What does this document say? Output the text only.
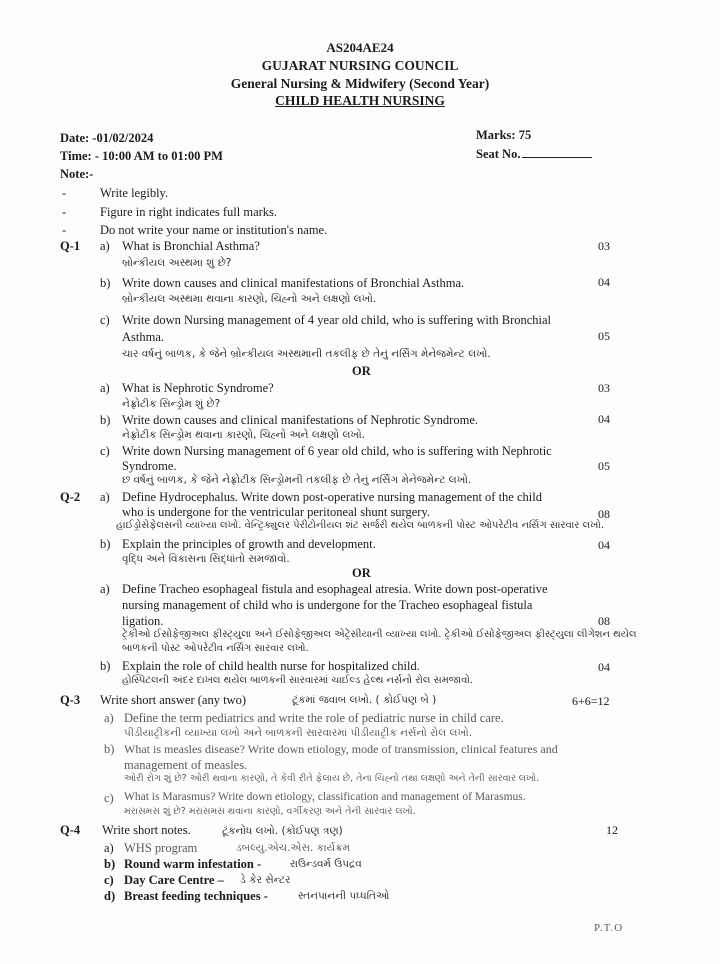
AS204AE24
GUJARAT NURSING COUNCIL
General Nursing & Midwifery (Second Year)
CHILD HEALTH NURSING
Date: -01/02/2024
Time: - 10:00 AM to 01:00 PM
Note:-
Marks: 75
Seat No.
-	Write legibly.
-	Figure in right indicates full marks.
-	Do not write your name or institution's name.
Q-1 a) What is Bronchial Asthma?	03
બ્રોન્કીયલ અસ્થમા શું છે?
b) Write down causes and clinical manifestations of Bronchial Asthma.	04
બ્રોન્કીયલ અસ્થમા થવાના કારણો, ચિહ્નો અને લક્ષણો લખો.
c) Write down Nursing management of 4 year old child, who is suffering with Bronchial
Asthma.	05
ચાર વર્ષનું બાળક, કે જેને બ્રોન્કીયલ અસ્થમાની તકલીફ છે તેનું નર્સિંગ મેનેજમેન્ટ લખો.
OR
a) What is Nephrotic Syndrome?	03
નેફ્રોટીક સિન્ડ્રોમ શું છે?
b) Write down causes and clinical manifestations of Nephrotic Syndrome.	04
નેફ્રોટીક સિન્ડ્રોમ થવાના કારણો, ચિહ્નો અને લક્ષણો લખો.
c) Write down Nursing management of 6 year old child, who is suffering with Nephrotic
Syndrome.	05
છ વર્ષનું બાળક, કે જેને નેફ્રોટીક સિન્ડ્રોમની તકલીફ છે તેનું નર્સિંગ મેનેજમેન્ટ લખો.
Q-2 a) Define Hydrocephalus. Write down post-operative nursing management of the child
who is undergone for the ventricular peritoneal shunt surgery.	08
હાઈડ્રોસેફેલસની વ્યાખ્યા લખો. વેન્ટ્રિક્યુલર પેરીટોનીયલ શંટ સર્જરી થયેલ બાળકની પોસ્ટ ઓપરેટીવ નર્સિંગ સારવાર લખો.
b) Explain the principles of growth and development.	04
વૃદ્ધિ અને વિકાસના સિદ્ધાંતો સમજાવો.
OR
a) Define Tracheo esophageal fistula and esophageal atresia. Write down post-operative
nursing management of child who is undergone for the Tracheo esophageal fistula
ligation.	08
ટ્રેકીઓ ઈસોફેજીઅલ ફીસ્ટ્યુલા અને ઈસોફેજીઅલ એટ્રેસીયાની વ્યાખ્યા લખો. ટ્રેકીઓ ઈસોફેજીઅલ ફીસ્ટ્યુલા લીગેશન થયેલ
બાળકની પોસ્ટ ઓપરેટીવ નર્સિંગ સારવાર લખો.
b) Explain the role of child health nurse for hospitalized child.	04
હોસ્પિટલની અંદર દાખલ થયેલ બાળકની સારવારમાં ચાઈલ્ડ હેલ્થ નર્સનો રોલ સમજાવો.
Q-3 Write short answer (any two)	ટૂંકમાં જવાબ લખો. ( કોઈપણ બે )	6+6=12
a) Define the term pediatrics and write the role of pediatric nurse in child care.
પીડીયાટ્રીકની વ્યાખ્યા લખો અને બાળકની સારવારમાં પીડીયાટ્રીક નર્સનો રોલ લખો.
b) What is measles disease? Write down etiology, mode of transmission, clinical features and
management of measles.
ઓરી રોગ શું છે? ઓરી થવાના કારણો, તે કેવી રીતે ફેલાય છે, તેના ચિહ્નો તથા લક્ષણો અને તેની સારવાર લખો.
c) What is Marasmus? Write down etiology, classification and management of Marasmus.
મરાસમસ શું છે? મરાસમસ થવાના કારણો, વર્ગીકરણ અને તેની સારવાર લખો.
Q-4 Write short notes.	ટૂંકનોંધ લખો. (કોઈપણ ત્રણ)	12
a) WHS program	ડબલ્યુ.એચ.એસ. કાર્યક્રમ
b) Round warm infestation -	રાઉન્ડવર્મ ઉપદ્રવ
c) Day Care Centre – ડે કેર સેન્ટર
d) Breast feeding techniques -	સ્તનપાનની પધ્ધતિઓ
P.T.O
